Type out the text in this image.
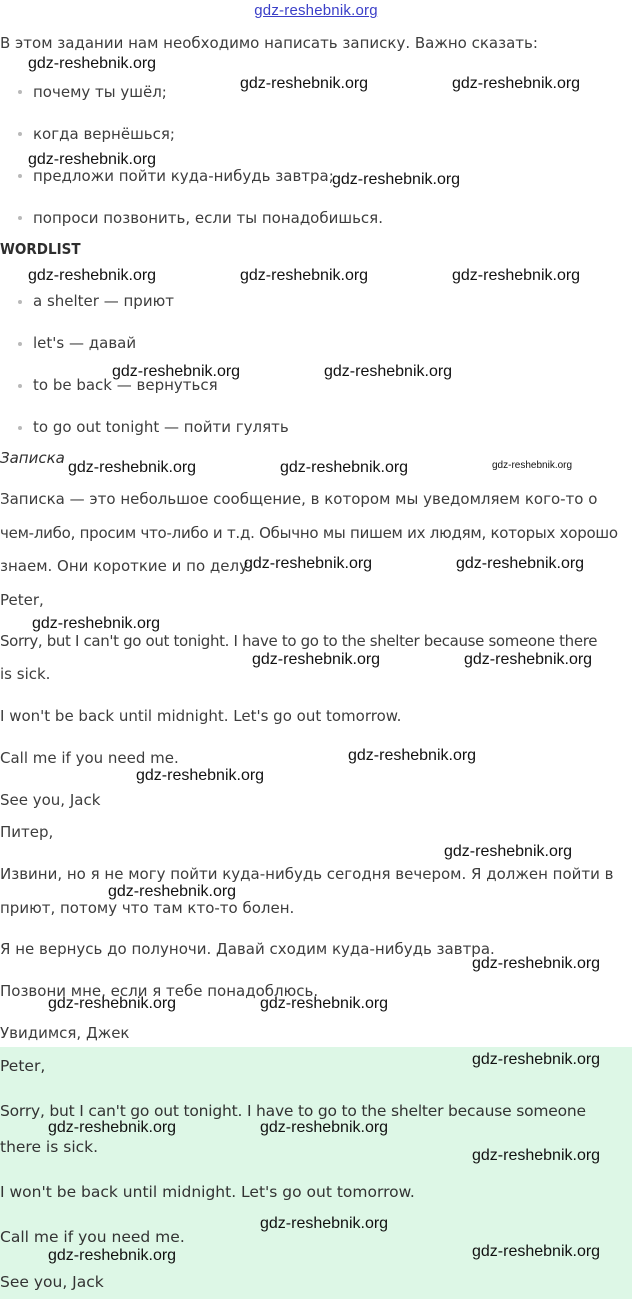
gdz-reshebnik.org
В этом задании нам необходимо написать записку. Важно сказать:
почему ты ушёл;
когда вернёшься;
предложи пойти куда-нибудь завтра;
попроси позвонить, если ты понадобишься.
WORDLIST
a shelter — приют
let's — давай
to be back — вернуться
to go out tonight — пойти гулять
Записка
Записка — это небольшое сообщение, в котором мы уведомляем кого-то о
чем-либо, просим что-либо и т.д. Обычно мы пишем их людям, которых хорошо
знаем. Они короткие и по делу.
Peter,
Sorry, but I can't go out tonight. I have to go to the shelter because someone there
is sick.
I won't be back until midnight. Let's go out tomorrow.
Call me if you need me.
See you, Jack
Питер,
Извини, но я не могу пойти куда-нибудь сегодня вечером. Я должен пойти в
приют, потому что там кто-то болен.
Я не вернусь до полуночи. Давай сходим куда-нибудь завтра.
Позвони мне, если я тебе понадоблюсь.
Увидимся, Джек
Peter,
Sorry, but I can't go out tonight. I have to go to the shelter because someone
there is sick.
I won't be back until midnight. Let's go out tomorrow.
Call me if you need me.
See you, Jack
gdz-reshebnik.org
gdz-reshebnik.org	gdz-reshebnik.org
gdz-reshebnik.org
gdz-reshebnik.org
gdz-reshebnik.org	gdz-reshebnik.org	gdz-reshebnik.org
gdz-reshebnik.org	gdz-reshebnik.org
gdz-reshebnik.org	gdz-reshebnik.org	gdz-reshebnik.org
gdz-reshebnik.org	gdz-reshebnik.org
gdz-reshebnik.org
gdz-reshebnik.org	gdz-reshebnik.org
gdz-reshebnik.org
gdz-reshebnik.org
gdz-reshebnik.org
gdz-reshebnik.org
gdz-reshebnik.org
gdz-reshebnik.org	gdz-reshebnik.org
gdz-reshebnik.org
gdz-reshebnik.org	gdz-reshebnik.org
gdz-reshebnik.org
gdz-reshebnik.org
gdz-reshebnik.org	gdz-reshebnik.org
